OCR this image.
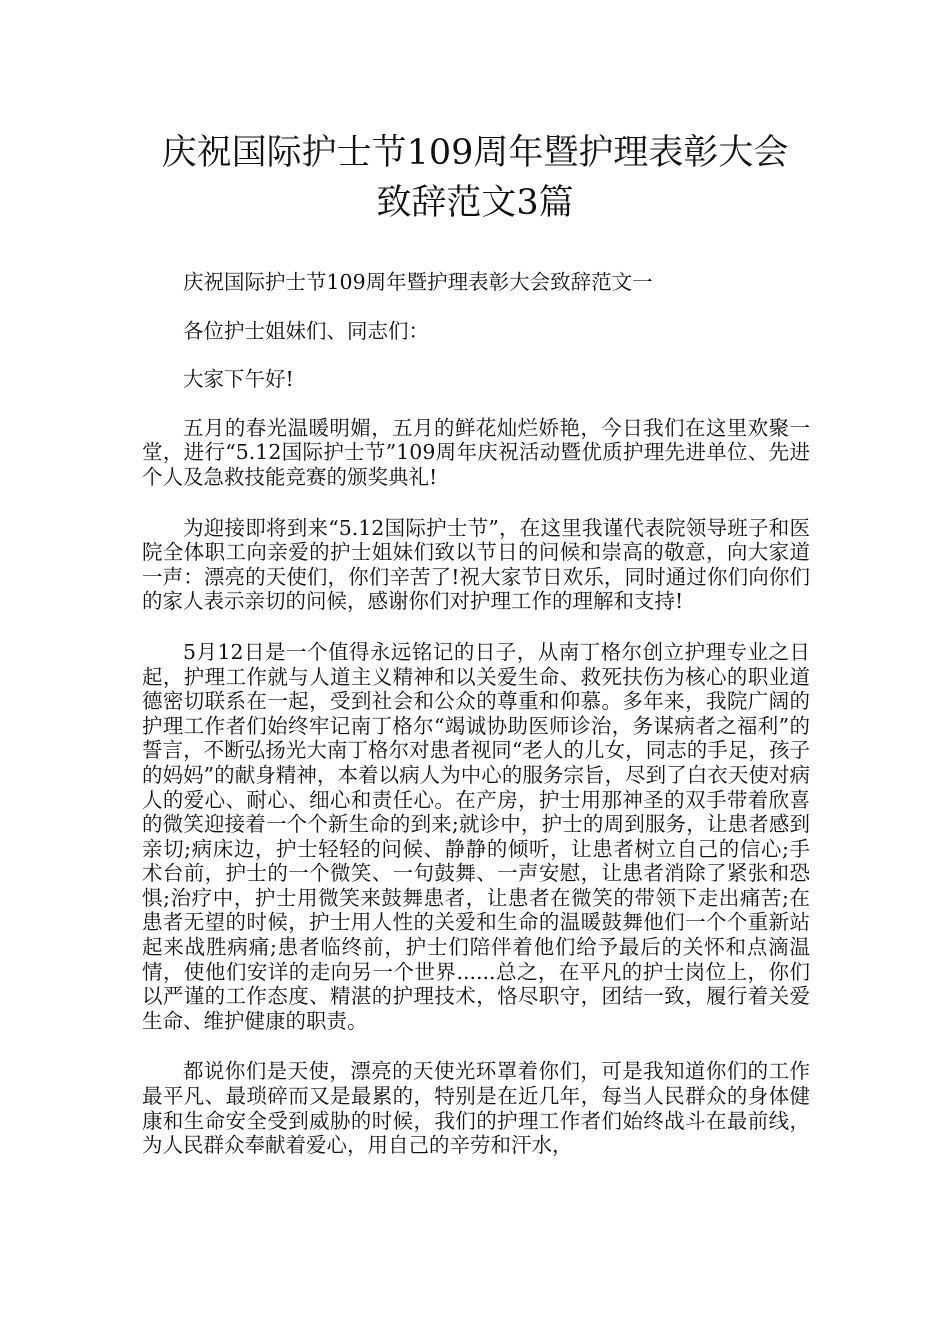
庆祝国际护士节109周年暨护理表彰大会
致辞范文3篇

庆祝国际护士节109周年暨护理表彰大会致辞范文一

各位护士姐妹们、同志们：

大家下午好!

五月的春光温暖明媚，五月的鲜花灿烂娇艳，今日我们在这里欢聚一堂，进行“5.12国际护士节”109周年庆祝活动暨优质护理先进单位、先进个人及急救技能竞赛的颁奖典礼!

为迎接即将到来“5.12国际护士节”，在这里我谨代表院领导班子和医院全体职工向亲爱的护士姐妹们致以节日的问候和崇高的敬意，向大家道一声：漂亮的天使们，你们辛苦了!祝大家节日欢乐，同时通过你们向你们的家人表示亲切的问候，感谢你们对护理工作的理解和支持!

5月12日是一个值得永远铭记的日子，从南丁格尔创立护理专业之日起，护理工作就与人道主义精神和以关爱生命、救死扶伤为核心的职业道德密切联系在一起，受到社会和公众的尊重和仰慕。多年来，我院广阔的护理工作者们始终牢记南丁格尔“竭诚协助医师诊治，务谋病者之福利”的誓言，不断弘扬光大南丁格尔对患者视同“老人的儿女，同志的手足，孩子的妈妈”的献身精神，本着以病人为中心的服务宗旨，尽到了白衣天使对病人的爱心、耐心、细心和责任心。在产房，护士用那神圣的双手带着欣喜的微笑迎接着一个个新生命的到来;就诊中，护士的周到服务，让患者感到亲切;病床边，护士轻轻的问候、静静的倾听，让患者树立自己的信心;手术台前，护士的一个微笑、一句鼓舞、一声安慰，让患者消除了紧张和恐惧;治疗中，护士用微笑来鼓舞患者，让患者在微笑的带领下走出痛苦;在患者无望的时候，护士用人性的关爱和生命的温暖鼓舞他们一个个重新站起来战胜病痛;患者临终前，护士们陪伴着他们给予最后的关怀和点滴温情，使他们安详的走向另一个世界......总之，在平凡的护士岗位上，你们以严谨的工作态度、精湛的护理技术，恪尽职守，团结一致，履行着关爱生命、维护健康的职责。

都说你们是天使，漂亮的天使光环罩着你们，可是我知道你们的工作最平凡、最琐碎而又是最累的，特别是在近几年，每当人民群众的身体健康和生命安全受到威胁的时候，我们的护理工作者们始终战斗在最前线，为人民群众奉献着爱心，用自己的辛劳和汗水，
